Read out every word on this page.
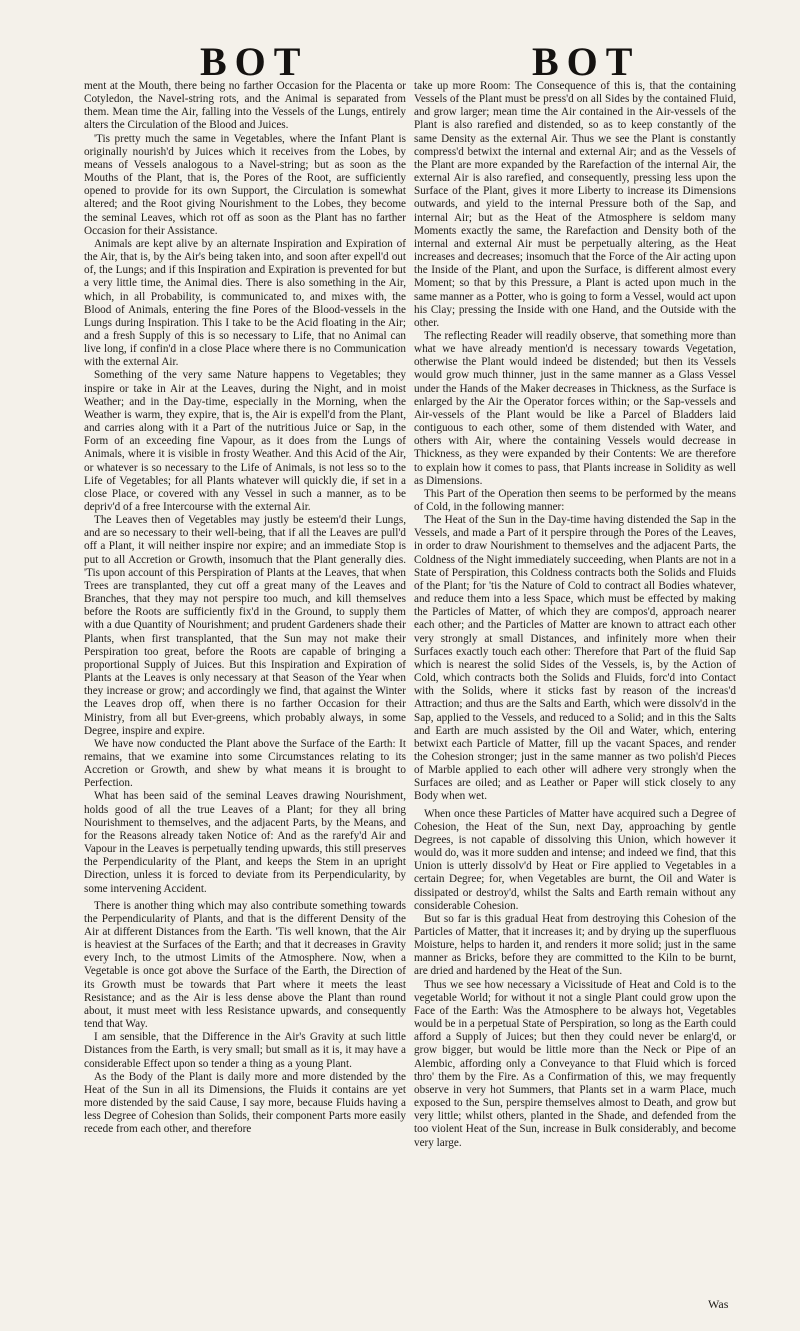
BOT	BOT

ment at the Mouth, there being no farther Occasion for the Placenta or Cotyledon, the Navel-string rots, and the Animal is separated from them. Mean time the Air, falling into the Vessels of the Lungs, entirely alters the Circulation of the Blood and Juices.

'Tis pretty much the same in Vegetables, where the Infant Plant is originally nourish'd by Juices which it receives from the Lobes, by means of Vessels analogous to a Navel-string; but as soon as the Mouths of the Plant, that is, the Pores of the Root, are sufficiently opened to provide for its own Support, the Circulation is somewhat altered; and the Root giving Nourishment to the Lobes, they become the seminal Leaves, which rot off as soon as the Plant has no farther Occasion for their Assistance.

Animals are kept alive by an alternate Inspiration and Expiration of the Air, that is, by the Air's being taken into, and soon after expell'd out of, the Lungs; and if this Inspiration and Expiration is prevented for but a very little time, the Animal dies. There is also something in the Air, which, in all Probability, is communicated to, and mixes with, the Blood of Animals, entering the fine Pores of the Blood-vessels in the Lungs during Inspiration. This I take to be the Acid floating in the Air; and a fresh Supply of this is so necessary to Life, that no Animal can live long, if confin'd in a close Place where there is no Communication with the external Air.

Something of the very same Nature happens to Vegetables; they inspire or take in Air at the Leaves, during the Night, and in moist Weather; and in the Day-time, especially in the Morning, when the Weather is warm, they expire, that is, the Air is expell'd from the Plant, and carries along with it a Part of the nutritious Juice or Sap, in the Form of an exceeding fine Vapour, as it does from the Lungs of Animals, where it is visible in frosty Weather. And this Acid of the Air, or whatever is so necessary to the Life of Animals, is not less so to the Life of Vegetables; for all Plants whatever will quickly die, if set in a close Place, or covered with any Vessel in such a manner, as to be depriv'd of a free Intercourse with the external Air.

The Leaves then of Vegetables may justly be esteem'd their Lungs, and are so necessary to their well-being, that if all the Leaves are pull'd off a Plant, it will neither inspire nor expire; and an immediate Stop is put to all Accretion or Growth, insomuch that the Plant generally dies. 'Tis upon account of this Perspiration of Plants at the Leaves, that when Trees are transplanted, they cut off a great many of the Leaves and Branches, that they may not perspire too much, and kill themselves before the Roots are sufficiently fix'd in the Ground, to supply them with a due Quantity of Nourishment; and prudent Gardeners shade their Plants, when first transplanted, that the Sun may not make their Perspiration too great, before the Roots are capable of bringing a proportional Supply of Juices. But this Inspiration and Expiration of Plants at the Leaves is only necessary at that Season of the Year when they increase or grow; and accordingly we find, that against the Winter the Leaves drop off, when there is no farther Occasion for their Ministry, from all but Ever-greens, which probably always, in some Degree, inspire and expire.

We have now conducted the Plant above the Surface of the Earth: It remains, that we examine into some Circumstances relating to its Accretion or Growth, and shew by what means it is brought to Perfection.

What has been said of the seminal Leaves drawing Nourishment, holds good of all the true Leaves of a Plant; for they all bring Nourishment to themselves, and the adjacent Parts, by the Means, and for the Reasons already taken Notice of: And as the rarefy'd Air and Vapour in the Leaves is perpetually tending upwards, this still preserves the Perpendicularity of the Plant, and keeps the Stem in an upright Direction, unless it is forced to deviate from its Perpendicularity, by some intervening Accident.

There is another thing which may also contribute something towards the Perpendicularity of Plants, and that is the different Density of the Air at different Distances from the Earth. 'Tis well known, that the Air is heaviest at the Surfaces of the Earth; and that it decreases in Gravity every Inch, to the utmost Limits of the Atmosphere. Now, when a Vegetable is once got above the Surface of the Earth, the Direction of its Growth must be towards that Part where it meets the least Resistance; and as the Air is less dense above the Plant than round about, it must meet with less Resistance upwards, and consequently tend that Way.

I am sensible, that the Difference in the Air's Gravity at such little Distances from the Earth, is very small; but small as it is, it may have a considerable Effect upon so tender a thing as a young Plant.

As the Body of the Plant is daily more and more distended by the Heat of the Sun in all its Dimensions, the Fluids it contains are yet more distended by the said Cause, I say more, because Fluids having a less Degree of Cohesion than Solids, their component Parts more easily recede from each other, and therefore

take up more Room: The Consequence of this is, that the containing Vessels of the Plant must be press'd on all Sides by the contained Fluid, and grow larger; mean time the Air contained in the Air-vessels of the Plant is also rarefied and distended, so as to keep constantly of the same Density as the external Air. Thus we see the Plant is constantly compress'd betwixt the internal and external Air; and as the Vessels of the Plant are more expanded by the Rarefaction of the internal Air, the external Air is also rarefied, and consequently, pressing less upon the Surface of the Plant, gives it more Liberty to increase its Dimensions outwards, and yield to the internal Pressure both of the Sap, and internal Air; but as the Heat of the Atmosphere is seldom many Moments exactly the same, the Rarefaction and Density both of the internal and external Air must be perpetually altering, as the Heat increases and decreases; insomuch that the Force of the Air acting upon the Inside of the Plant, and upon the Surface, is different almost every Moment; so that by this Pressure, a Plant is acted upon much in the same manner as a Potter, who is going to form a Vessel, would act upon his Clay; pressing the Inside with one Hand, and the Outside with the other.

The reflecting Reader will readily observe, that something more than what we have already mention'd is necessary towards Vegetation, otherwise the Plant would indeed be distended; but then its Vessels would grow much thinner, just in the same manner as a Glass Vessel under the Hands of the Maker decreases in Thickness, as the Surface is enlarged by the Air the Operator forces within; or the Sap-vessels and Air-vessels of the Plant would be like a Parcel of Bladders laid contiguous to each other, some of them distended with Water, and others with Air, where the containing Vessels would decrease in Thickness, as they were expanded by their Contents: We are therefore to explain how it comes to pass, that Plants increase in Solidity as well as Dimensions.

This Part of the Operation then seems to be performed by the means of Cold, in the following manner:

The Heat of the Sun in the Day-time having distended the Sap in the Vessels, and made a Part of it perspire through the Pores of the Leaves, in order to draw Nourishment to themselves and the adjacent Parts, the Coldness of the Night immediately succeeding, when Plants are not in a State of Perspiration, this Coldness contracts both the Solids and Fluids of the Plant; for 'tis the Nature of Cold to contract all Bodies whatever, and reduce them into a less Space, which must be effected by making the Particles of Matter, of which they are compos'd, approach nearer each other; and the Particles of Matter are known to attract each other very strongly at small Distances, and infinitely more when their Surfaces exactly touch each other: Therefore that Part of the fluid Sap which is nearest the solid Sides of the Vessels, is, by the Action of Cold, which contracts both the Solids and Fluids, forc'd into Contact with the Solids, where it sticks fast by reason of the increas'd Attraction; and thus are the Salts and Earth, which were dissolv'd in the Sap, applied to the Vessels, and reduced to a Solid; and in this the Salts and Earth are much assisted by the Oil and Water, which, entering betwixt each Particle of Matter, fill up the vacant Spaces, and render the Cohesion stronger; just in the same manner as two polish'd Pieces of Marble applied to each other will adhere very strongly when the Surfaces are oiled; and as Leather or Paper will stick closely to any Body when wet.

When once these Particles of Matter have acquired such a Degree of Cohesion, the Heat of the Sun, next Day, approaching by gentle Degrees, is not capable of dissolving this Union, which however it would do, was it more sudden and intense; and indeed we find, that this Union is utterly dissolv'd by Heat or Fire applied to Vegetables in a certain Degree; for, when Vegetables are burnt, the Oil and Water is dissipated or destroy'd, whilst the Salts and Earth remain without any considerable Cohesion.

But so far is this gradual Heat from destroying this Cohesion of the Particles of Matter, that it increases it; and by drying up the superfluous Moisture, helps to harden it, and renders it more solid; just in the same manner as Bricks, before they are committed to the Kiln to be burnt, are dried and hardened by the Heat of the Sun.

Thus we see how necessary a Vicissitude of Heat and Cold is to the vegetable World; for without it not a single Plant could grow upon the Face of the Earth: Was the Atmosphere to be always hot, Vegetables would be in a perpetual State of Perspiration, so long as the Earth could afford a Supply of Juices; but then they could never be enlarg'd, or grow bigger, but would be little more than the Neck or Pipe of an Alembic, affording only a Conveyance to that Fluid which is forced thro' them by the Fire. As a Confirmation of this, we may frequently observe in very hot Summers, that Plants set in a warm Place, much exposed to the Sun, perspire themselves almost to Death, and grow but very little; whilst others, planted in the Shade, and defended from the too violent Heat of the Sun, increase in Bulk considerably, and become very large.

Was
